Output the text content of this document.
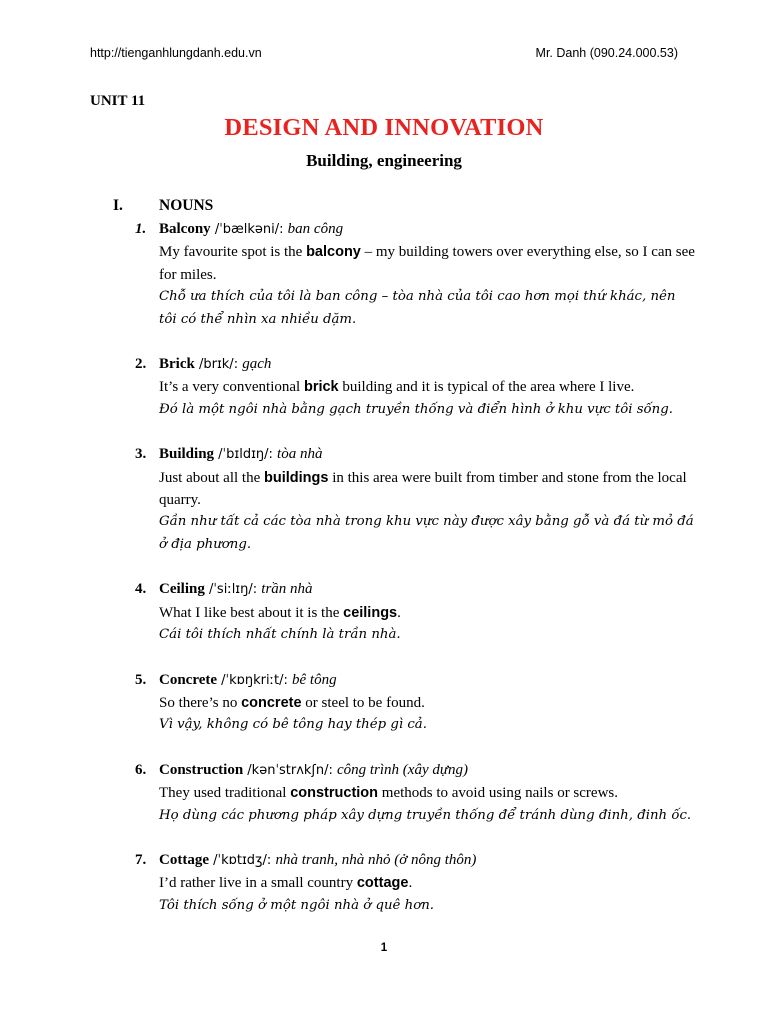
http://tienganhlungdanh.edu.vn	Mr. Danh (090.24.000.53)
UNIT 11
DESIGN AND INNOVATION
Building, engineering
I. NOUNS
1. Balcony /ˈbælkəni/: ban công
My favourite spot is the balcony – my building towers over everything else, so I can see for miles.
Chỗ ưa thích của tôi là ban công – tòa nhà của tôi cao hơn mọi thứ khác, nên tôi có thể nhìn xa nhiều dặm.
2. Brick /brɪk/: gạch
It’s a very conventional brick building and it is typical of the area where I live.
Đó là một ngôi nhà bằng gạch truyền thống và điển hình ở khu vực tôi sống.
3. Building /ˈbɪldɪŋ/: tòa nhà
Just about all the buildings in this area were built from timber and stone from the local quarry.
Gần như tất cả các tòa nhà trong khu vực này được xây bằng gỗ và đá từ mỏ đá ở địa phương.
4. Ceiling /ˈsiːlɪŋ/: trần nhà
What I like best about it is the ceilings.
Cái tôi thích nhất chính là trần nhà.
5. Concrete /ˈkɒŋkriːt/: bê tông
So there’s no concrete or steel to be found.
Vì vậy, không có bê tông hay thép gì cả.
6. Construction /kənˈstrʌkʃn/: công trình (xây dựng)
They used traditional construction methods to avoid using nails or screws.
Họ dùng các phương pháp xây dựng truyền thống để tránh dùng đinh, đinh ốc.
7. Cottage /ˈkɒtɪdʒ/: nhà tranh, nhà nhỏ (ở nông thôn)
I’d rather live in a small country cottage.
Tôi thích sống ở một ngôi nhà ở quê hơn.
1
